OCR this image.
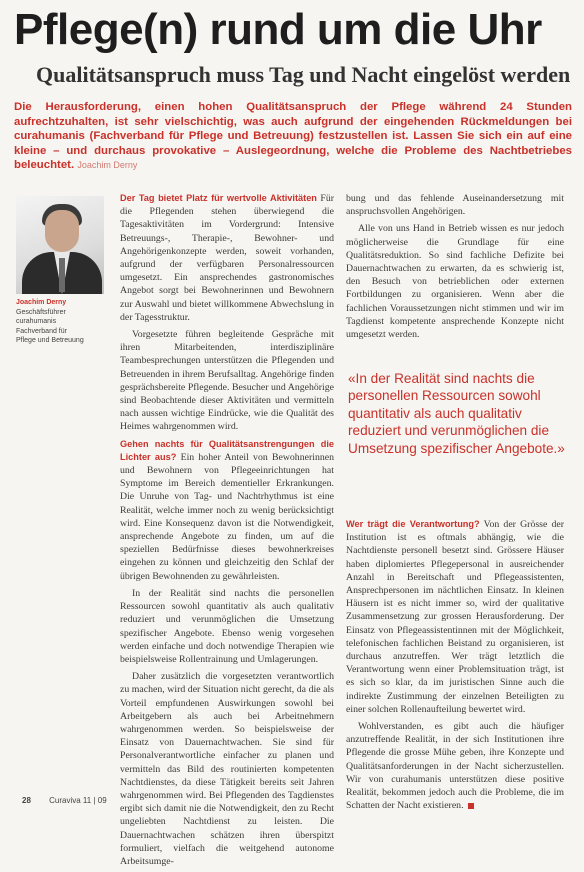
Pflege(n) rund um die Uhr
Qualitätsanspruch muss Tag und Nacht eingelöst werden

Die Herausforderung, einen hohen Qualitätsanspruch der Pflege während 24 Stunden aufrechtzuhalten, ist sehr vielschichtig, was auch aufgrund der eingehenden Rückmeldungen bei curahumanis (Fachverband für Pflege und Betreuung) festzustellen ist. Lassen Sie sich ein auf eine kleine – und durchaus provokative – Auslegeordnung, welche die Probleme des Nachtbetriebes beleuchtet. Joachim Derny

Joachim Derny
Geschäftsführer
curahumanis
Fachverband für
Pflege und Betreuung

Der Tag bietet Platz für wertvolle Aktivitäten Für die Pflegenden stehen überwiegend die Tagesaktivitäten im Vordergrund: Intensive Betreuungs-, Therapie-, Bewohner- und Angehörigenkonzepte werden, soweit vorhanden, aufgrund der verfügbaren Personalressourcen umgesetzt. Ein ansprechendes gastronomisches Angebot sorgt bei Bewohnerinnen und Bewohnern zur Auswahl und bietet willkommene Abwechslung in der Tagesstruktur.

Vorgesetzte führen begleitende Gespräche mit ihren Mitarbeitenden, interdisziplinäre Teambesprechungen unterstützen die Pflegenden und Betreuenden in ihrem Berufsalltag. Angehörige finden gesprächsbereite Pflegende. Besucher und Angehörige sind Beobachtende dieser Aktivitäten und vermitteln nach aussen wichtige Eindrücke, wie die Qualität des Heimes wahrgenommen wird.

Gehen nachts für Qualitätsanstrengungen die Lichter aus? Ein hoher Anteil von Bewohnerinnen und Bewohnern von Pflegeeinrichtungen hat Symptome im Bereich dementieller Erkrankungen. Die Unruhe von Tag- und Nachtrhythmus ist eine Realität, welche immer noch zu wenig berücksichtigt wird. Eine Konsequenz davon ist die Notwendigkeit, ansprechende Angebote zu finden, um auf die speziellen Bedürfnisse dieses bewohnerkreises eingehen zu können und gleichzeitig den Schlaf der übrigen Bewohnenden zu gewährleisten.

In der Realität sind nachts die personellen Ressourcen sowohl quantitativ als auch qualitativ reduziert und verunmöglichen die Umsetzung spezifischer Angebote. Ebenso wenig vorgesehen werden einfache und doch notwendige Therapien wie beispielsweise Rollentrainung und Umlagerungen.

Daher zusätzlich die vorgesetzten verantwortlich zu machen, wird der Situation nicht gerecht, da die als Vorteil empfundenen Auswirkungen sowohl bei Arbeitgebern als auch bei Arbeitnehmern wahrgenommen werden. So beispielsweise der Einsatz von Dauernachtwachen. Sie sind für Personalverantwortliche einfacher zu planen und vermitteln das Bild des routinierten kompetenten Nachtdienstes, da diese Tätigkeit bereits seit Jahren wahrgenommen wird. Bei Pflegenden des Tagdienstes ergibt sich damit nie die Notwendigkeit, den zu Recht ungeliebten Nachtdienst zu leisten. Die Dauernachtwachen schätzen ihren überspitzt formuliert, vielfach die weitgehend autonome Arbeitsumge-

bung und das fehlende Auseinandersetzung mit anspruchsvollen Angehörigen.

Alle von uns Hand in Betrieb wissen es nur jedoch möglicherweise die Grundlage für eine Qualitätsreduktion. So sind fachliche Defizite bei Dauernachtwachen zu erwarten, da es schwierig ist, den Besuch von betrieblichen oder externen Fortbildungen zu organisieren. Wenn aber die fachlichen Voraussetzungen nicht stimmen und wir im Tagdienst kompetente ansprechende Konzepte nicht umgesetzt werden.

«In der Realität sind nachts die personellen Ressourcen sowohl quantitativ als auch qualitativ reduziert und verunmöglichen die Umsetzung spezifischer Angebote.»

Wer trägt die Verantwortung? Von der Grösse der Institution ist es oftmals abhängig, wie die Nachtdienste personell besetzt sind. Grössere Häuser haben diplomiertes Pflegepersonal in ausreichender Anzahl in Bereitschaft und Pflegeassistenten, Ansprechpersonen im nächtlichen Einsatz. In kleinen Häusern ist es nicht immer so, wird der qualitative Zusammensetzung zur grossen Herausforderung. Der Einsatz von Pflegeassistentinnen mit der Möglichkeit, telefonischen fachlichen Beistand zu organisieren, ist durchaus anzutreffen. Wer trägt letztlich die Verantwortung wenn einer Problemsituation trägt, ist es sich so klar, da im juristischen Sinne auch die indirekte Zustimmung der einzelnen Beteiligten zu einer solchen Rollenaufteilung bewertet wird.

Wohlverstanden, es gibt auch die häufiger anzutreffende Realität, in der sich Institutionen ihre Pflegende die grosse Mühe geben, ihre Konzepte und Qualitätsanforderungen in der Nacht sicherzustellen. Wir von curahumanis unterstützen diese positive Realität, bekommen jedoch auch die Probleme, die im Schatten der Nacht existieren.

28 Curaviva 11 | 09
